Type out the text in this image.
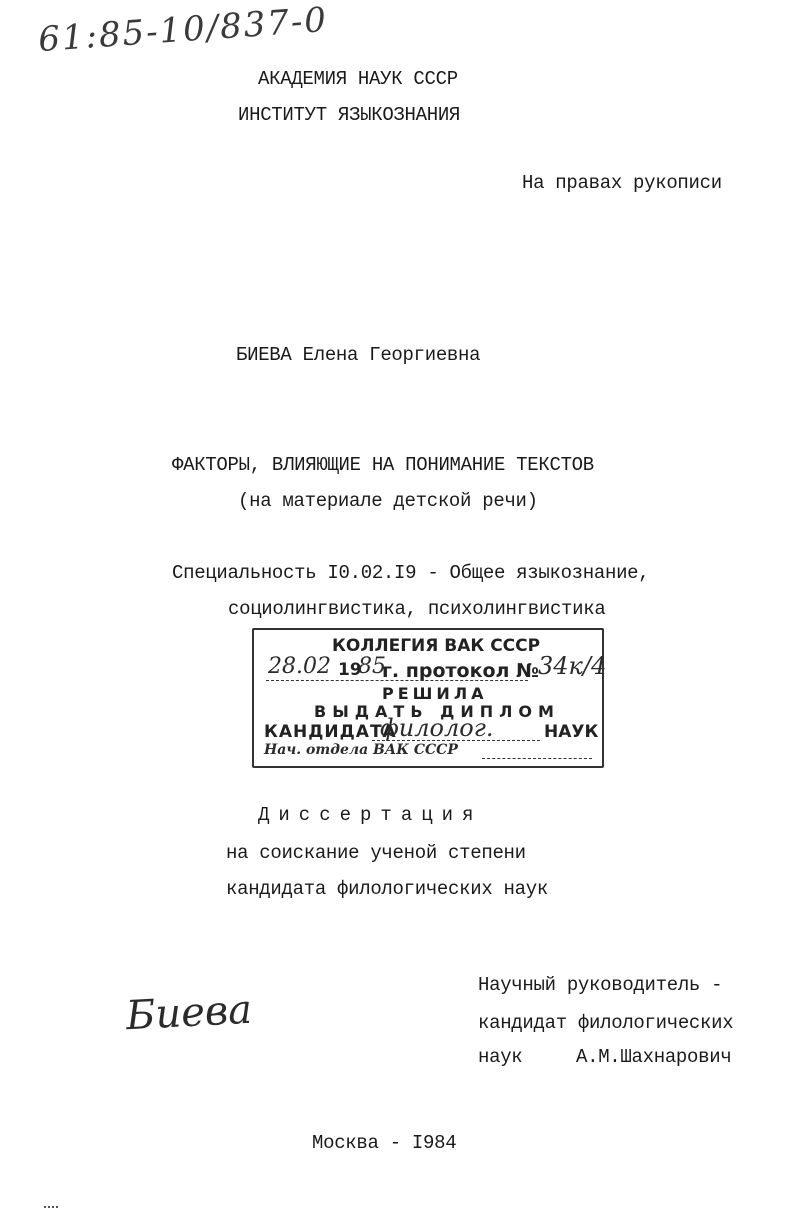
61:85-10/837-0
АКАДЕМИЯ НАУК СССР
ИНСТИТУТ ЯЗЫКОЗНАНИЯ
На правах рукописи
БИЕВА Елена Георгиевна
ФАКТОРЫ, ВЛИЯЮЩИЕ НА ПОНИМАНИЕ ТЕКСТОВ
(на материале детской речи)
Специальность I0.02.I9 - Общее языкознание,
социолингвистика, психолингвистика
КОЛЛЕГИЯ ВАК СССР
28.02 19
85
г. протокол № 34к/4
РЕШИЛА
ВЫДАТЬ ДИПЛОМ
КАНДИДАТА
филолог.	НАУК
Нач. отдела ВАК СССР
Диссертация
на соискание ученой степени
кандидата филологических наук
Научный руководитель -
кандидат филологических
наук	А.М.Шахнарович
Биева
Москва - I984
